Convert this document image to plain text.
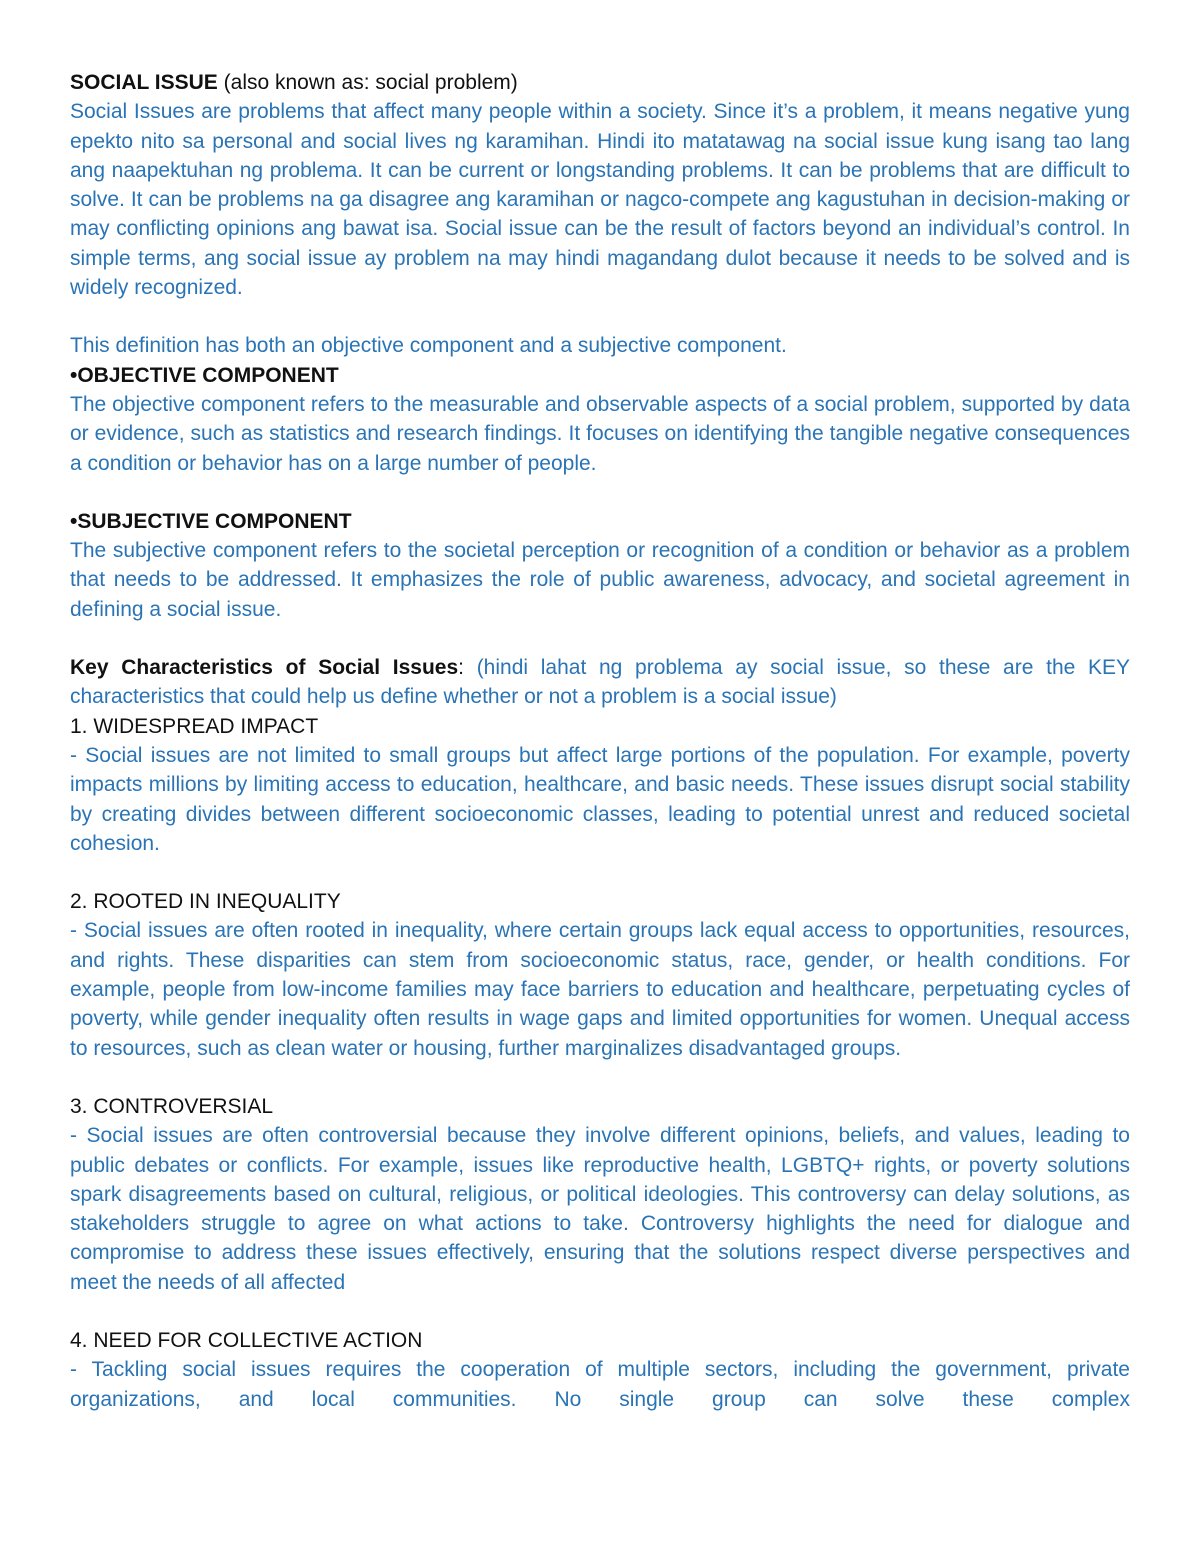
SOCIAL ISSUE (also known as: social problem)

Social Issues are problems that affect many people within a society. Since it’s a problem, it means negative yung epekto nito sa personal and social lives ng karamihan. Hindi ito matatawag na social issue kung isang tao lang ang naapektuhan ng problema. It can be current or longstanding problems. It can be problems that are difficult to solve. It can be problems na ga disagree ang karamihan or nagco-compete ang kagustuhan in decision-making or may conflicting opinions ang bawat isa. Social issue can be the result of factors beyond an individual’s control. In simple terms, ang social issue ay problem na may hindi magandang dulot because it needs to be solved and is widely recognized.

This definition has both an objective component and a subjective component.

•OBJECTIVE COMPONENT

The objective component refers to the measurable and observable aspects of a social problem, supported by data or evidence, such as statistics and research findings. It focuses on identifying the tangible negative consequences a condition or behavior has on a large number of people.

•SUBJECTIVE COMPONENT

The subjective component refers to the societal perception or recognition of a condition or behavior as a problem that needs to be addressed. It emphasizes the role of public awareness, advocacy, and societal agreement in defining a social issue.

Key Characteristics of Social Issues: (hindi lahat ng problema ay social issue, so these are the KEY characteristics that could help us define whether or not a problem is a social issue)

1. WIDESPREAD IMPACT

- Social issues are not limited to small groups but affect large portions of the population. For example, poverty impacts millions by limiting access to education, healthcare, and basic needs. These issues disrupt social stability by creating divides between different socioeconomic classes, leading to potential unrest and reduced societal cohesion.

2. ROOTED IN INEQUALITY

- Social issues are often rooted in inequality, where certain groups lack equal access to opportunities, resources, and rights. These disparities can stem from socioeconomic status, race, gender, or health conditions. For example, people from low-income families may face barriers to education and healthcare, perpetuating cycles of poverty, while gender inequality often results in wage gaps and limited opportunities for women. Unequal access to resources, such as clean water or housing, further marginalizes disadvantaged groups.

3. CONTROVERSIAL

- Social issues are often controversial because they involve different opinions, beliefs, and values, leading to public debates or conflicts. For example, issues like reproductive health, LGBTQ+ rights, or poverty solutions spark disagreements based on cultural, religious, or political ideologies. This controversy can delay solutions, as stakeholders struggle to agree on what actions to take. Controversy highlights the need for dialogue and compromise to address these issues effectively, ensuring that the solutions respect diverse perspectives and meet the needs of all affected

4. NEED FOR COLLECTIVE ACTION

- Tackling social issues requires the cooperation of multiple sectors, including the government, private organizations, and local communities. No single group can solve these complex
